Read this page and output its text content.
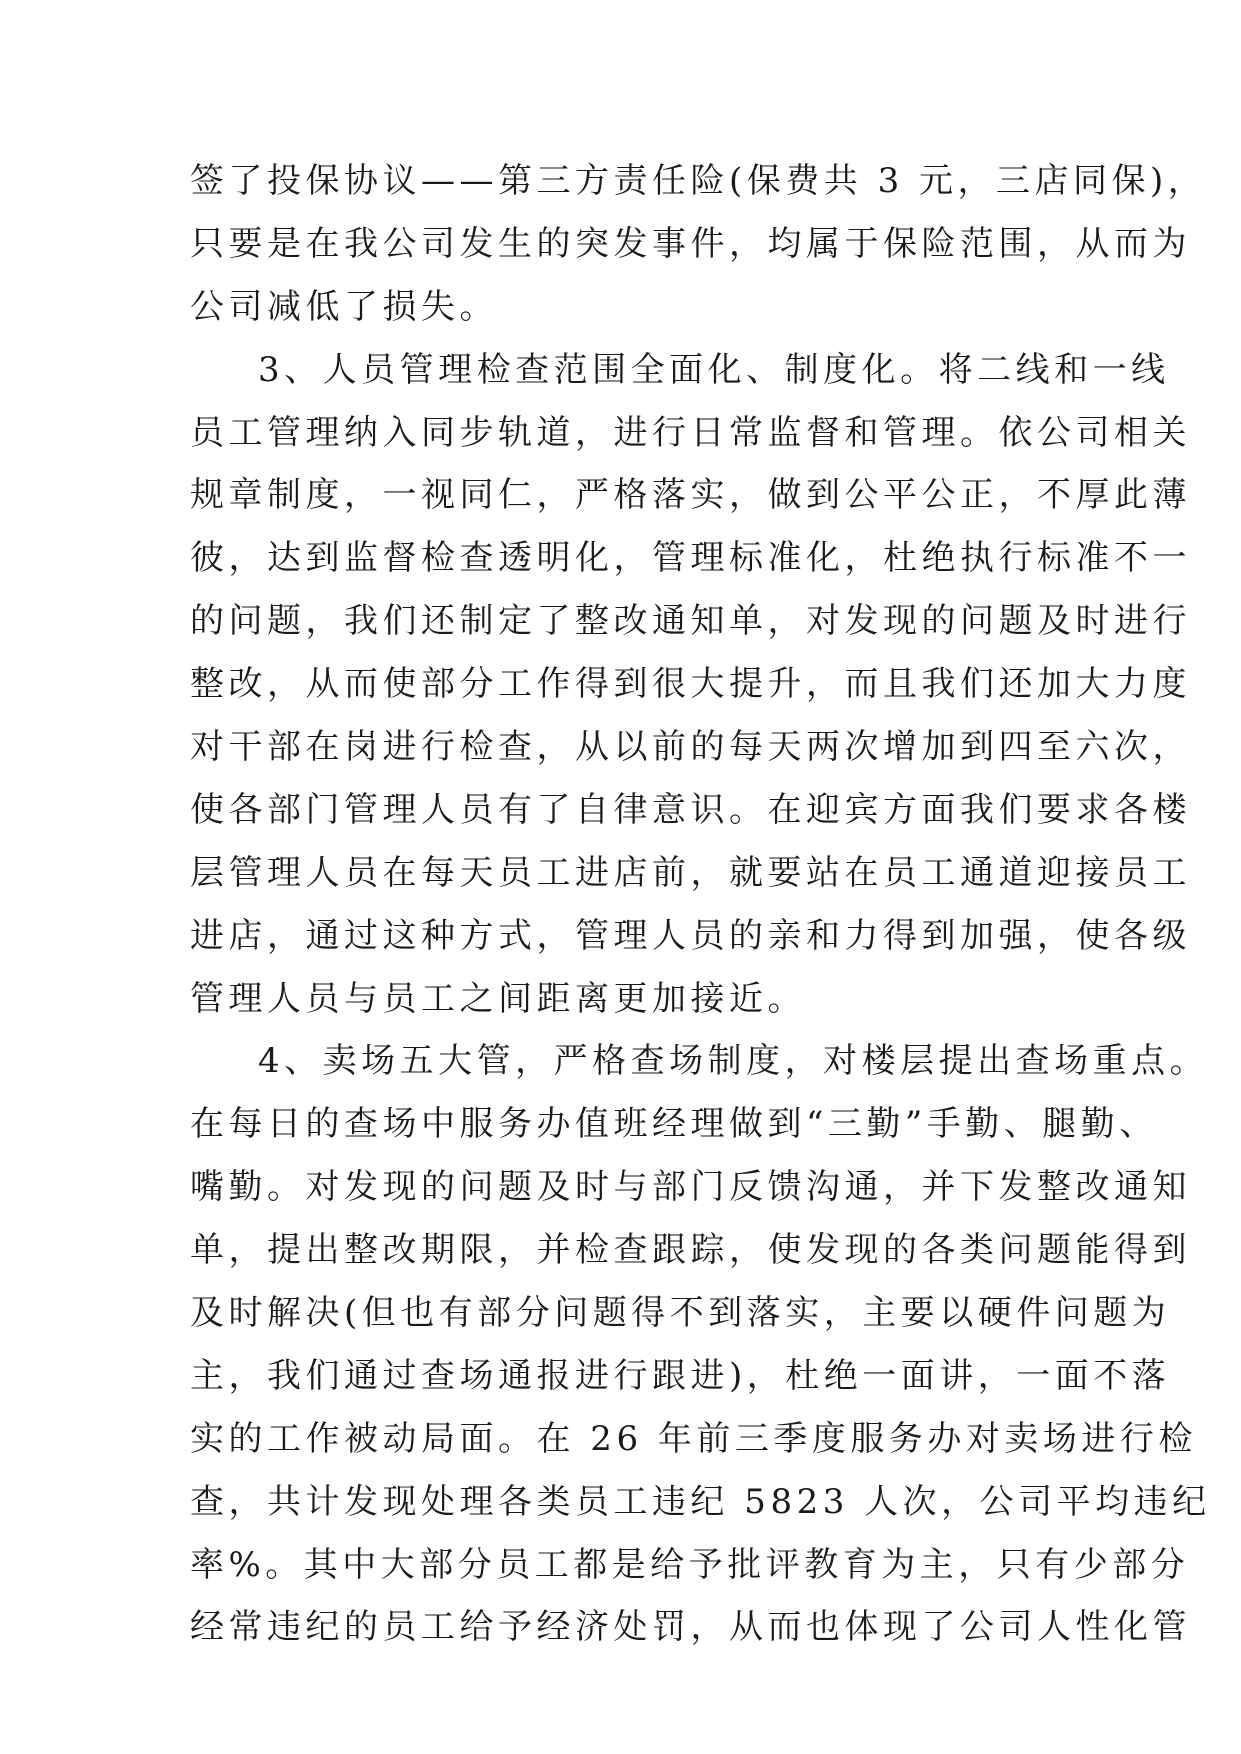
签了投保协议——第三方责任险(保费共 3 元，三店同保)，
只要是在我公司发生的突发事件，均属于保险范围，从而为
公司减低了损失。
3、人员管理检查范围全面化、制度化。将二线和一线
员工管理纳入同步轨道，进行日常监督和管理。依公司相关
规章制度，一视同仁，严格落实，做到公平公正，不厚此薄
彼，达到监督检查透明化，管理标准化，杜绝执行标准不一
的问题，我们还制定了整改通知单，对发现的问题及时进行
整改，从而使部分工作得到很大提升，而且我们还加大力度
对干部在岗进行检查，从以前的每天两次增加到四至六次，
使各部门管理人员有了自律意识。在迎宾方面我们要求各楼
层管理人员在每天员工进店前，就要站在员工通道迎接员工
进店，通过这种方式，管理人员的亲和力得到加强，使各级
管理人员与员工之间距离更加接近。
4、卖场五大管，严格查场制度，对楼层提出查场重点。
在每日的查场中服务办值班经理做到“三勤”手勤、腿勤、
嘴勤。对发现的问题及时与部门反馈沟通，并下发整改通知
单，提出整改期限，并检查跟踪，使发现的各类问题能得到
及时解决(但也有部分问题得不到落实，主要以硬件问题为
主，我们通过查场通报进行跟进)，杜绝一面讲，一面不落
实的工作被动局面。在 26 年前三季度服务办对卖场进行检
查，共计发现处理各类员工违纪 5823 人次，公司平均违纪
率%。其中大部分员工都是给予批评教育为主，只有少部分
经常违纪的员工给予经济处罚，从而也体现了公司人性化管
